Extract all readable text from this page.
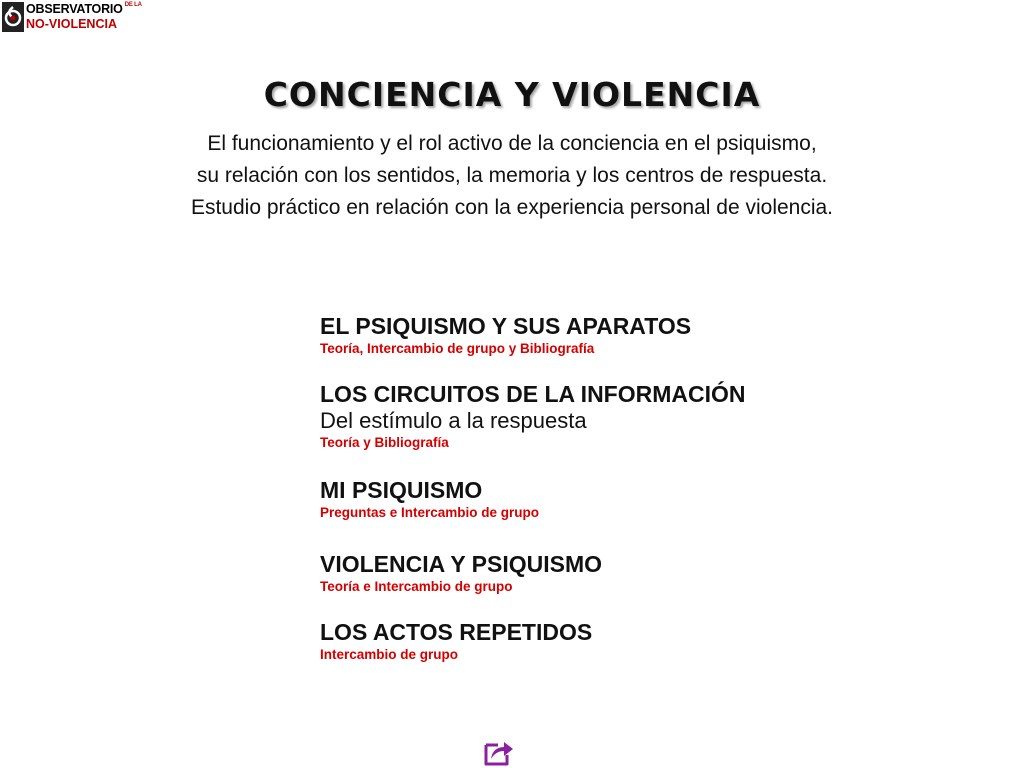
OBSERVATORIO $^{DE LA}$
NO-VIOLENCIA
CONCIENCIA Y VIOLENCIA
El funcionamiento y el rol activo de la conciencia en el psiquismo,
su relación con los sentidos, la memoria y los centros de respuesta.
Estudio práctico en relación con la experiencia personal de violencia.
EL PSIQUISMO Y SUS APARATOS
Teoría, Intercambio de grupo y Bibliografía
LOS CIRCUITOS DE LA INFORMACIÓN
Del estímulo a la respuesta
Teoría y Bibliografía
MI PSIQUISMO
Preguntas e Intercambio de grupo
VIOLENCIA Y PSIQUISMO
Teoría e Intercambio de grupo
LOS ACTOS REPETIDOS
Intercambio de grupo
